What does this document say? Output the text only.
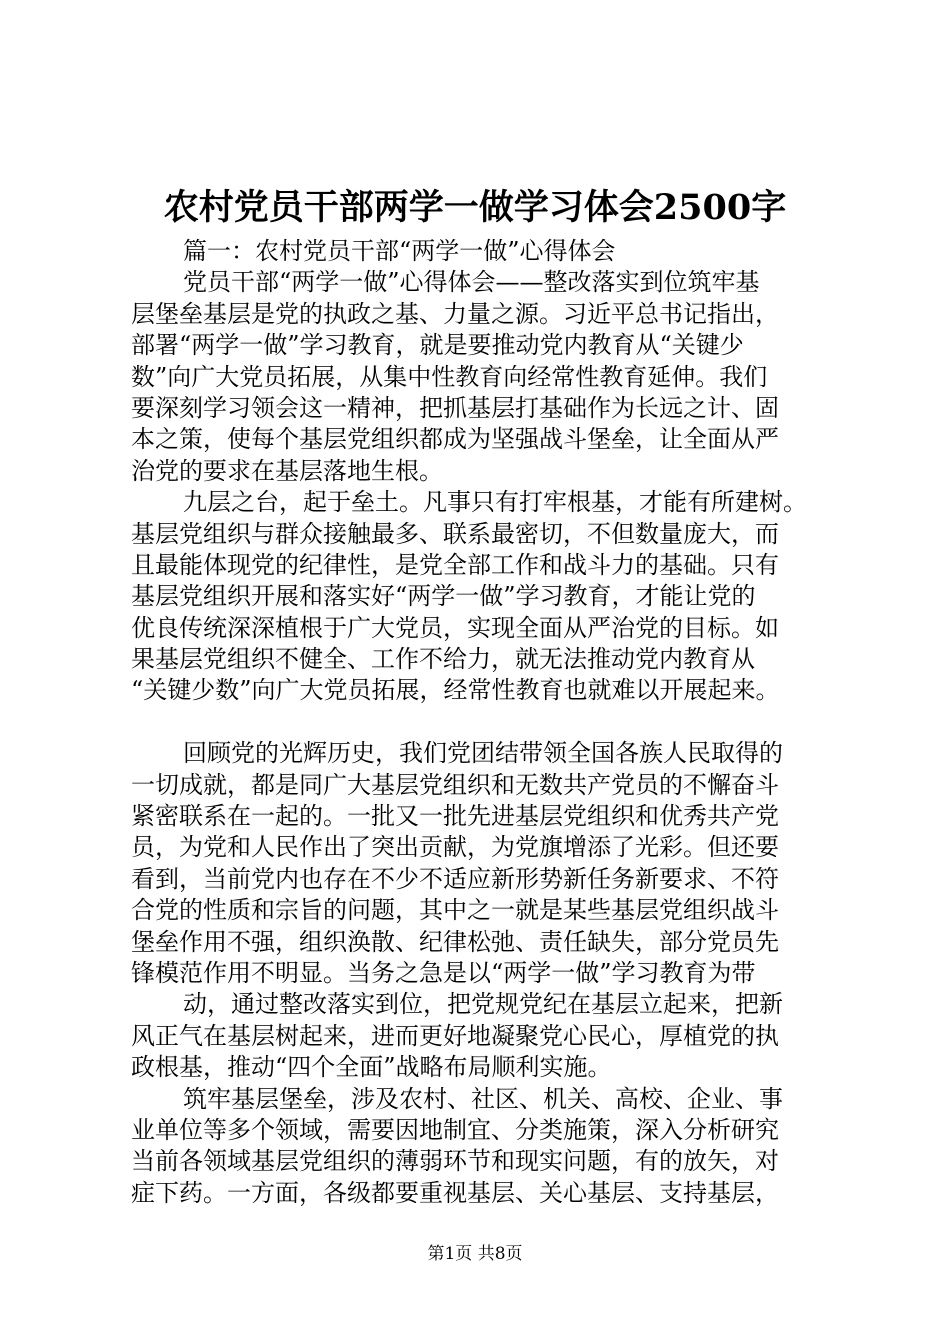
农村党员干部两学一做学习体会2500字
篇一：农村党员干部“两学一做”心得体会
党员干部“两学一做”心得体会——整改落实到位筑牢基
层堡垒基层是党的执政之基、力量之源。习近平总书记指出，
部署“两学一做”学习教育，就是要推动党内教育从“关键少
数”向广大党员拓展，从集中性教育向经常性教育延伸。我们
要深刻学习领会这一精神，把抓基层打基础作为长远之计、固
本之策，使每个基层党组织都成为坚强战斗堡垒，让全面从严
治党的要求在基层落地生根。
九层之台，起于垒土。凡事只有打牢根基，才能有所建树。
基层党组织与群众接触最多、联系最密切，不但数量庞大，而
且最能体现党的纪律性，是党全部工作和战斗力的基础。只有
基层党组织开展和落实好“两学一做”学习教育，才能让党的
优良传统深深植根于广大党员，实现全面从严治党的目标。如
果基层党组织不健全、工作不给力，就无法推动党内教育从
“关键少数”向广大党员拓展，经常性教育也就难以开展起来。
回顾党的光辉历史，我们党团结带领全国各族人民取得的
一切成就，都是同广大基层党组织和无数共产党员的不懈奋斗
紧密联系在一起的。一批又一批先进基层党组织和优秀共产党
员，为党和人民作出了突出贡献，为党旗增添了光彩。但还要
看到，当前党内也存在不少不适应新形势新任务新要求、不符
合党的性质和宗旨的问题，其中之一就是某些基层党组织战斗
堡垒作用不强，组织涣散、纪律松弛、责任缺失，部分党员先
锋模范作用不明显。当务之急是以“两学一做”学习教育为带
动，通过整改落实到位，把党规党纪在基层立起来，把新
风正气在基层树起来，进而更好地凝聚党心民心，厚植党的执
政根基，推动“四个全面”战略布局顺利实施。
筑牢基层堡垒，涉及农村、社区、机关、高校、企业、事
业单位等多个领域，需要因地制宜、分类施策，深入分析研究
当前各领域基层党组织的薄弱环节和现实问题，有的放矢，对
症下药。一方面，各级都要重视基层、关心基层、支持基层，
第1页 共8页
